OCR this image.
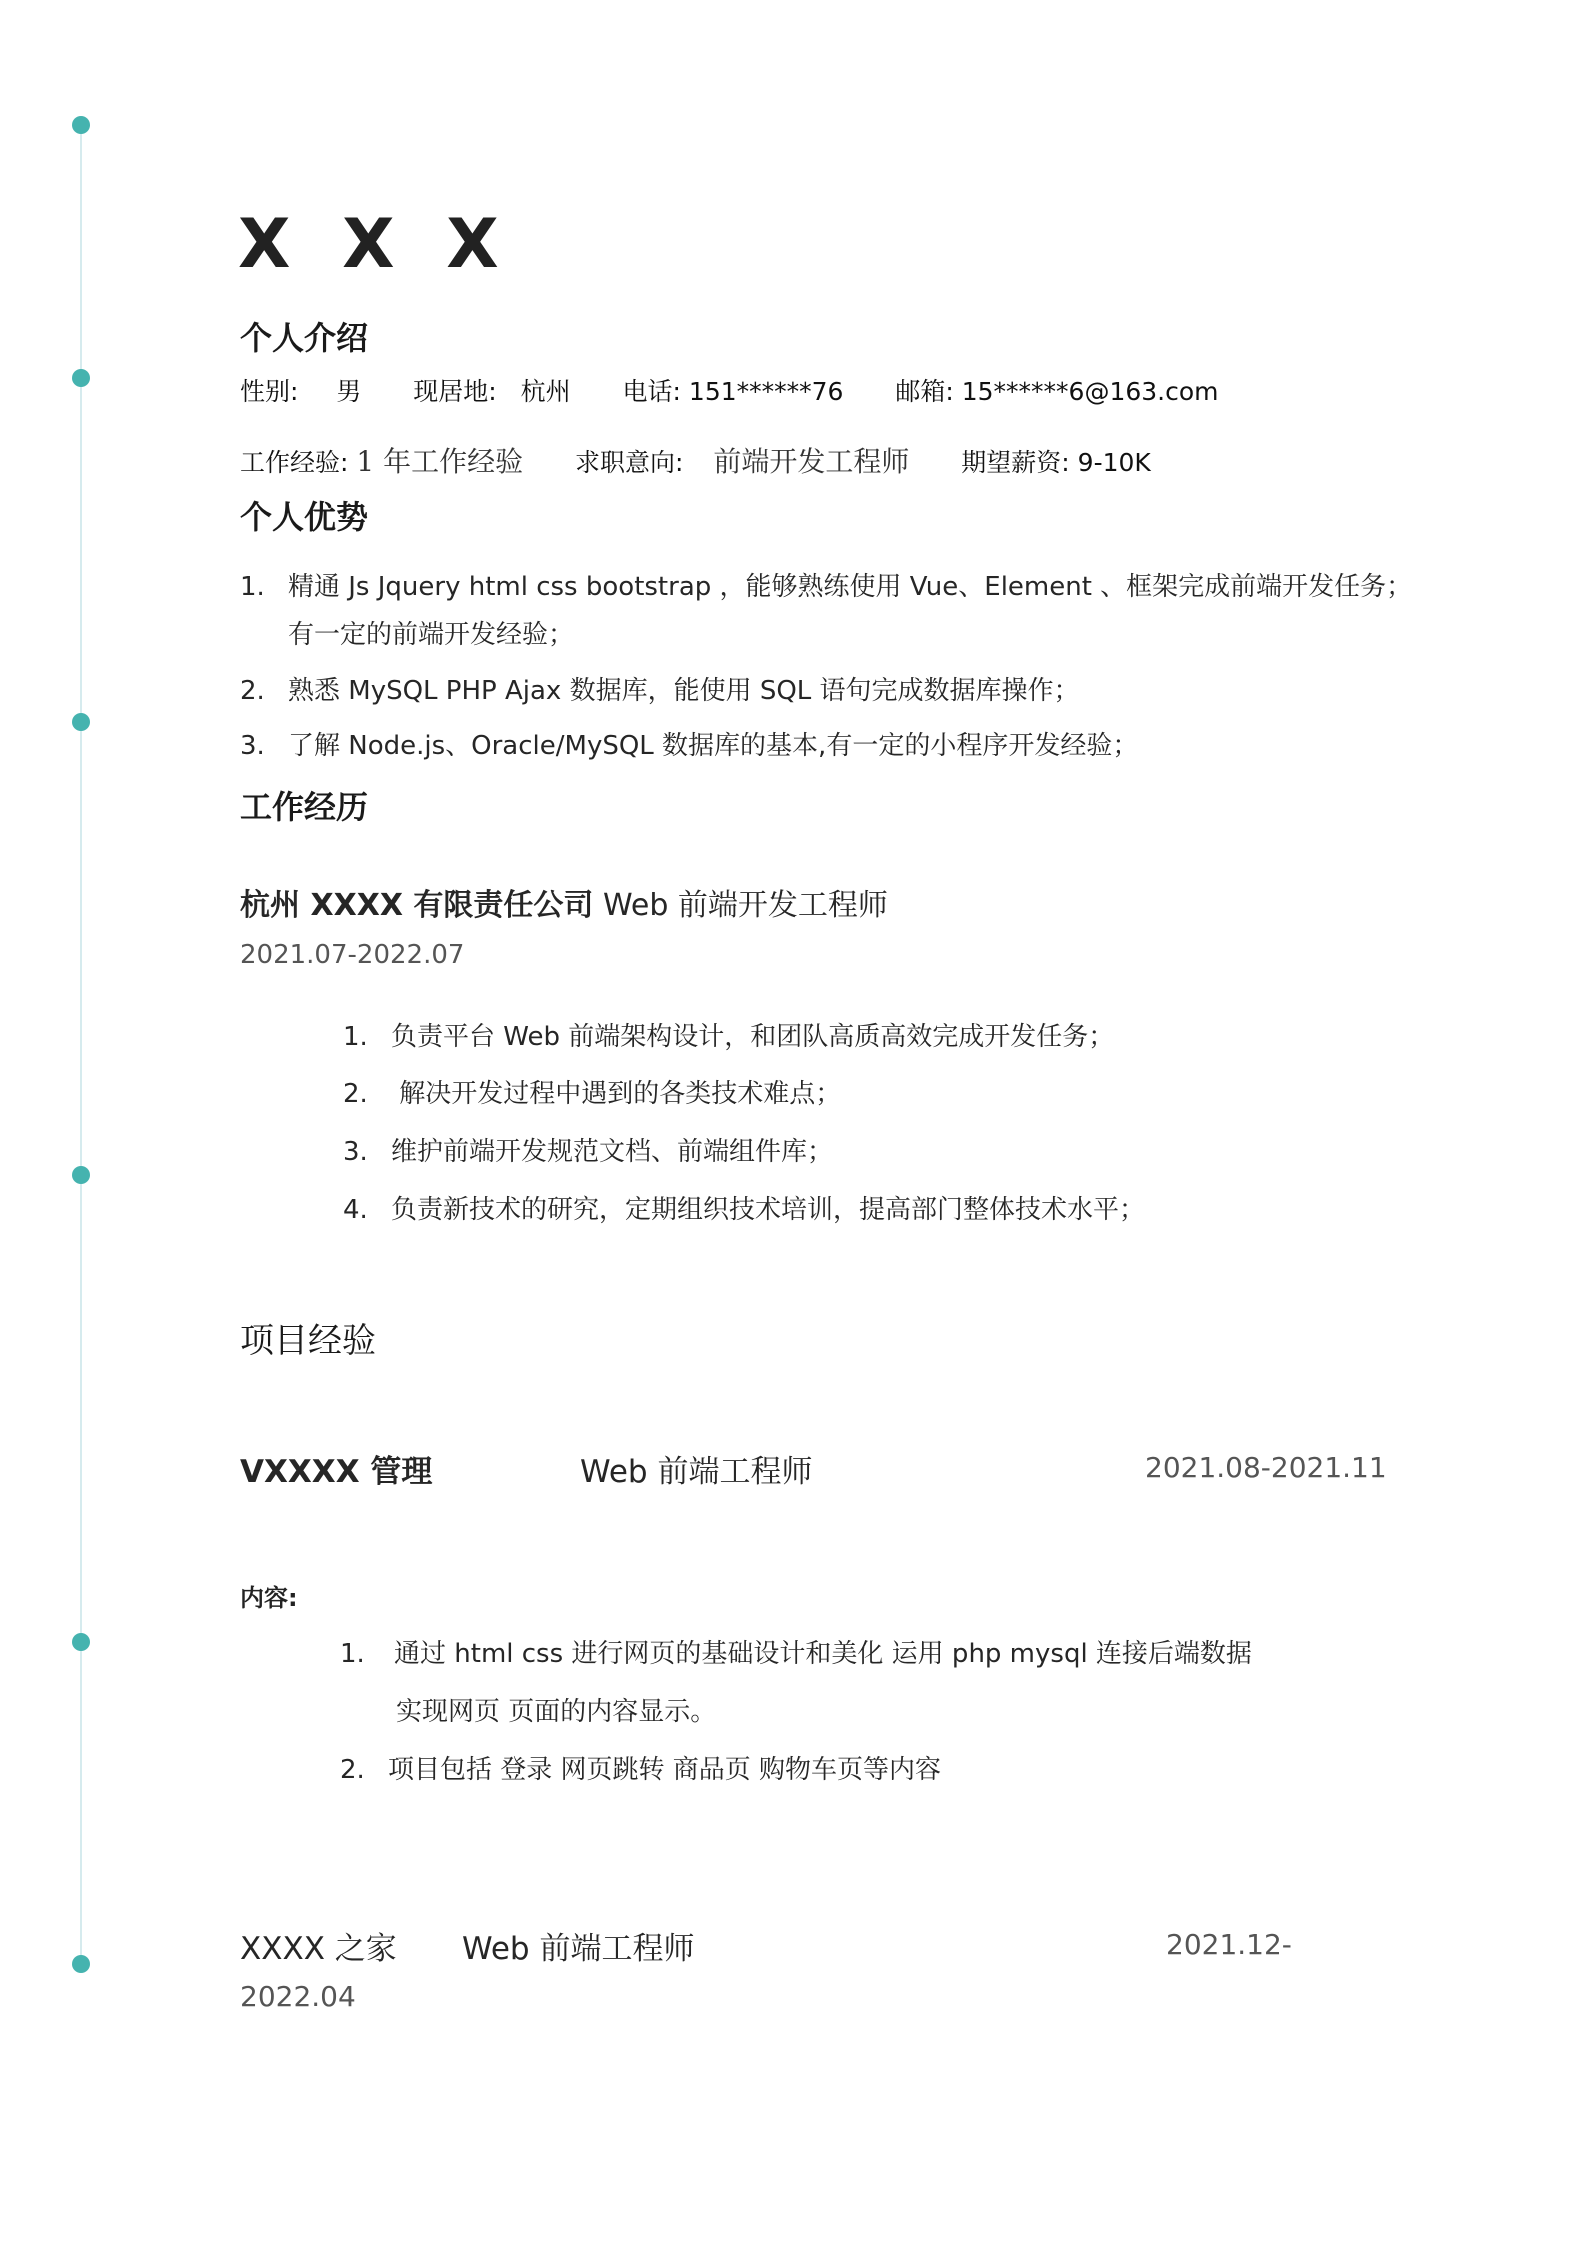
X X X
个人介绍
性别: 男 现居地: 杭州 电话: 151******76 邮箱: 15******6@163.com
工作经验: 1 年工作经验 求职意向: 前端开发工程师 期望薪资: 9-10K
个人优势
1. 精通 Js Jquery html css bootstrap ，能够熟练使用 Vue、Element 、框架完成前端开发任务；
有一定的前端开发经验；
2. 熟悉 MySQL PHP Ajax 数据库，能使用 SQL 语句完成数据库操作；
3. 了解 Node.js、Oracle/MySQL 数据库的基本,有一定的小程序开发经验；
工作经历
杭州 XXXX 有限责任公司 Web 前端开发工程师
2021.07-2022.07
1. 负责平台 Web 前端架构设计，和团队高质高效完成开发任务；
2. 解决开发过程中遇到的各类技术难点；
3. 维护前端开发规范文档、前端组件库；
4. 负责新技术的研究，定期组织技术培训，提高部门整体技术水平；
项目经验
VXXXX 管理	Web 前端工程师	2021.08-2021.11
内容:
1. 通过 html css 进行网页的基础设计和美化 运用 php mysql 连接后端数据
实现网页 页面的内容显示。
2. 项目包括 登录 网页跳转 商品页 购物车页等内容
XXXX 之家 Web 前端工程师	2021.12-
2022.04
